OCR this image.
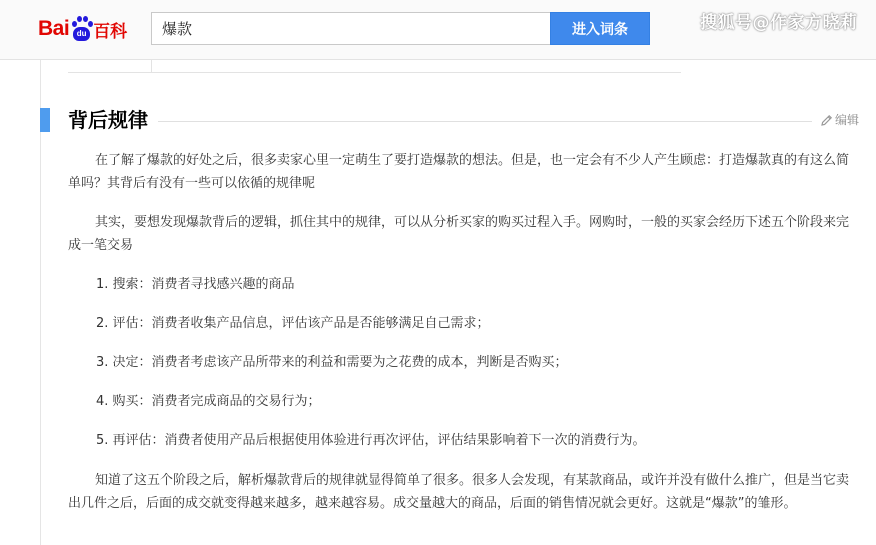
Bai du 百科
爆款	进入词条	搜狐号@作家方晓莉
背后规律	编辑

在了解了爆款的好处之后，很多卖家心里一定萌生了要打造爆款的想法。但是，也一定会有不少人产生顾虑：打造爆款真的有这么简单吗？其背后有没有一些可以依循的规律呢

其实，要想发现爆款背后的逻辑，抓住其中的规律，可以从分析买家的购买过程入手。网购时，一般的买家会经历下述五个阶段来完成一笔交易

1. 搜索：消费者寻找感兴趣的商品
2. 评估：消费者收集产品信息，评估该产品是否能够满足自己需求；
3. 决定：消费者考虑该产品所带来的利益和需要为之花费的成本，判断是否购买；
4. 购买：消费者完成商品的交易行为；
5. 再评估：消费者使用产品后根据使用体验进行再次评估，评估结果影响着下一次的消费行为。

知道了这五个阶段之后，解析爆款背后的规律就显得简单了很多。很多人会发现，有某款商品，或许并没有做什么推广，但是当它卖出几件之后，后面的成交就变得越来越多，越来越容易。成交量越大的商品，后面的销售情况就会更好。这就是“爆款”的雏形。
